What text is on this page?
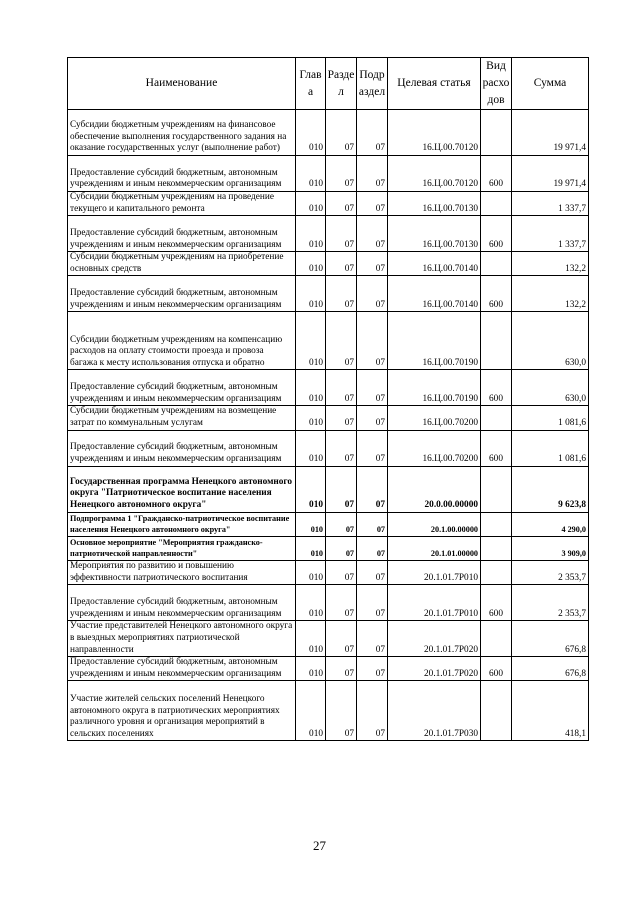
Наименование	Глав а	Разде л	Подр аздел	Целевая статья	Вид расхо дов	Сумма
Субсидии бюджетным учреждениям на финансовое обеспечение выполнения государственного задания на оказание государственных услуг (выполнение работ)	010	07	07	16.Ц.00.70120		19 971,4
Предоставление субсидий бюджетным, автономным учреждениям и иным некоммерческим организациям	010	07	07	16.Ц.00.70120	600	19 971,4
Субсидии бюджетным учреждениям на проведение текущего и капитального ремонта	010	07	07	16.Ц.00.70130		1 337,7
Предоставление субсидий бюджетным, автономным учреждениям и иным некоммерческим организациям	010	07	07	16.Ц.00.70130	600	1 337,7
Субсидии бюджетным учреждениям на приобретение основных средств	010	07	07	16.Ц.00.70140		132,2
Предоставление субсидий бюджетным, автономным учреждениям и иным некоммерческим организациям	010	07	07	16.Ц.00.70140	600	132,2
Субсидии бюджетным учреждениям на компенсацию расходов на оплату стоимости проезда и провоза багажа к месту использования отпуска и обратно	010	07	07	16.Ц.00.70190		630,0
Предоставление субсидий бюджетным, автономным учреждениям и иным некоммерческим организациям	010	07	07	16.Ц.00.70190	600	630,0
Субсидии бюджетным учреждениям на возмещение затрат по коммунальным услугам	010	07	07	16.Ц.00.70200		1 081,6
Предоставление субсидий бюджетным, автономным учреждениям и иным некоммерческим организациям	010	07	07	16.Ц.00.70200	600	1 081,6
Государственная программа Ненецкого автономного округа "Патриотическое воспитание населения Ненецкого автономного округа"	010	07	07	20.0.00.00000		9 623,8
Подпрограмма 1 "Гражданско-патриотическое воспитание населения Ненецкого автономного округа"	010	07	07	20.1.00.00000		4 290,0
Основное мероприятие "Мероприятия гражданско-патриотической направленности"	010	07	07	20.1.01.00000		3 909,0
Мероприятия по развитию и повышению эффективности патриотического воспитания	010	07	07	20.1.01.7Р010		2 353,7
Предоставление субсидий бюджетным, автономным учреждениям и иным некоммерческим организациям	010	07	07	20.1.01.7Р010	600	2 353,7
Участие представителей Ненецкого автономного округа в выездных мероприятиях патриотической направленности	010	07	07	20.1.01.7Р020		676,8
Предоставление субсидий бюджетным, автономным учреждениям и иным некоммерческим организациям	010	07	07	20.1.01.7Р020	600	676,8
Участие жителей сельских поселений Ненецкого автономного округа в патриотических мероприятиях различного уровня и организация мероприятий в сельских поселениях	010	07	07	20.1.01.7Р030		418,1
27
